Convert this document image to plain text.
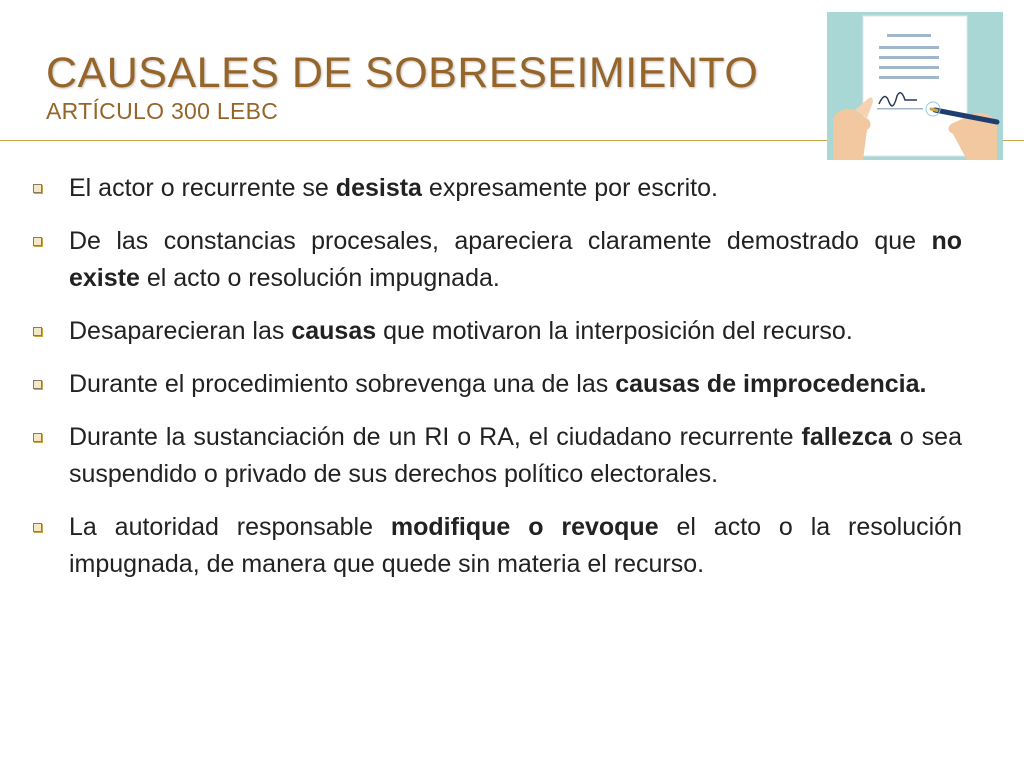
CAUSALES DE SOBRESEIMIENTO
ARTÍCULO 300 LEBC
El actor o recurrente se desista expresamente por escrito.
De las constancias procesales, apareciera claramente demostrado que no existe el acto o resolución impugnada.
Desaparecieran las causas que motivaron la interposición del recurso.
Durante el procedimiento sobrevenga una de las causas de improcedencia.
Durante la sustanciación de un RI o RA, el ciudadano recurrente fallezca o sea suspendido o privado de sus derechos político electorales.
La autoridad responsable modifique o revoque el acto o la resolución impugnada, de manera que quede sin materia el recurso.
